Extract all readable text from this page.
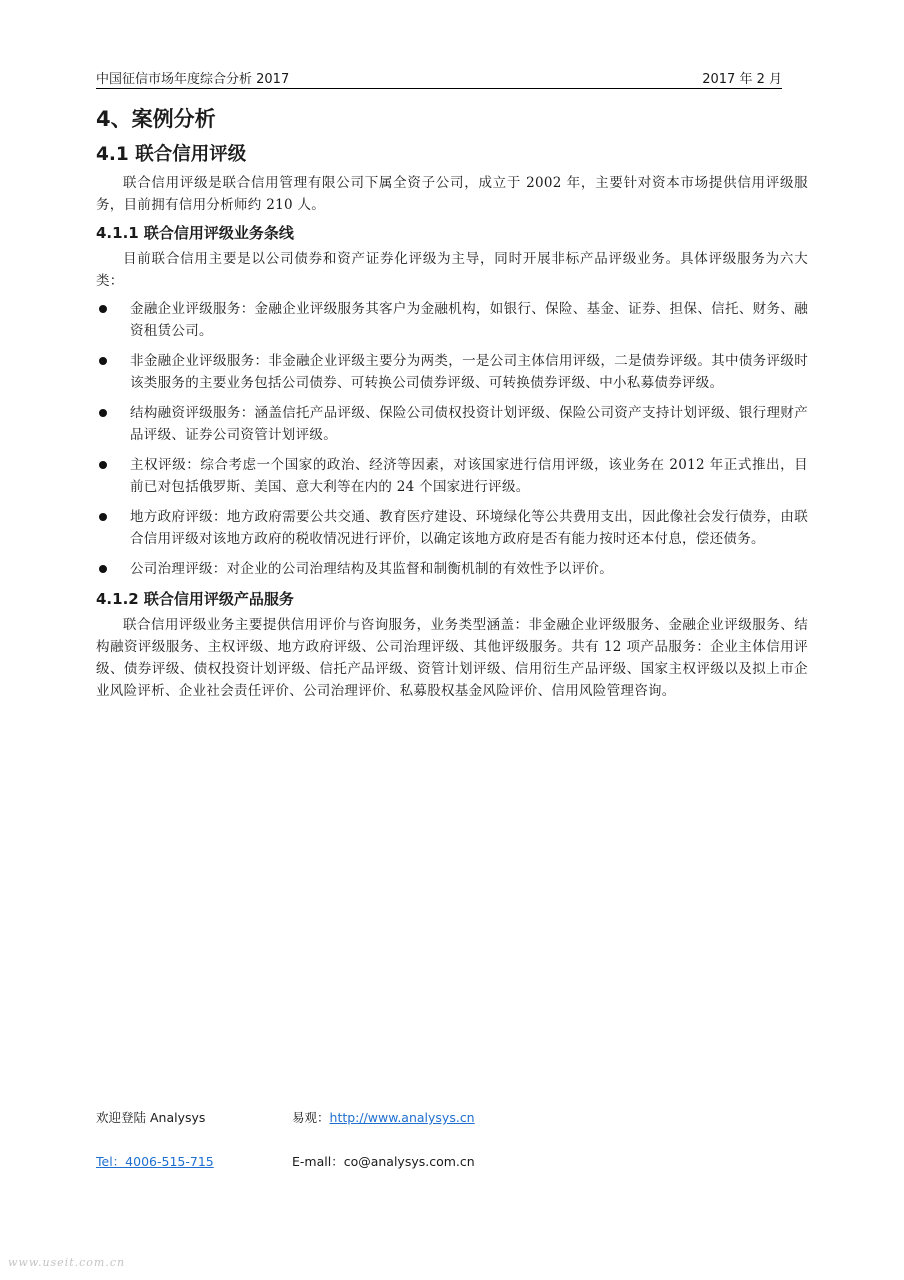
中国征信市场年度综合分析 2017	2017 年 2 月
4、案例分析
4.1 联合信用评级

联合信用评级是联合信用管理有限公司下属全资子公司，成立于 2002 年，主要针对资本市场提供信用评级服务，目前拥有信用分析师约 210 人。

4.1.1 联合信用评级业务条线

目前联合信用主要是以公司债券和资产证券化评级为主导，同时开展非标产品评级业务。具体评级服务为六大类：

金融企业评级服务：金融企业评级服务其客户为金融机构，如银行、保险、基金、证券、担保、信托、财务、融资租赁公司。
非金融企业评级服务：非金融企业评级主要分为两类，一是公司主体信用评级，二是债券评级。其中债务评级时该类服务的主要业务包括公司债券、可转换公司债券评级、可转换债券评级、中小私募债券评级。
结构融资评级服务：涵盖信托产品评级、保险公司债权投资计划评级、保险公司资产支持计划评级、银行理财产品评级、证券公司资管计划评级。
主权评级：综合考虑一个国家的政治、经济等因素，对该国家进行信用评级，该业务在 2012 年正式推出，目前已对包括俄罗斯、美国、意大利等在内的 24 个国家进行评级。
地方政府评级：地方政府需要公共交通、教育医疗建设、环境绿化等公共费用支出，因此像社会发行债券，由联合信用评级对该地方政府的税收情况进行评价，以确定该地方政府是否有能力按时还本付息，偿还债务。
公司治理评级：对企业的公司治理结构及其监督和制衡机制的有效性予以评价。
4.1.2 联合信用评级产品服务

联合信用评级业务主要提供信用评价与咨询服务，业务类型涵盖：非金融企业评级服务、金融企业评级服务、结构融资评级服务、主权评级、地方政府评级、公司治理评级、其他评级服务。共有 12 项产品服务：企业主体信用评级、债券评级、债权投资计划评级、信托产品评级、资管计划评级、信用衍生产品评级、国家主权评级以及拟上市企业风险评析、企业社会责任评价、公司治理评价、私募股权基金风险评价、信用风险管理咨询。

欢迎登陆 Analysys	易观：http://www.analysys.cn
Tel：4006-515-715	E-mall：co@analysys.com.cn
www.useit.com.cn
